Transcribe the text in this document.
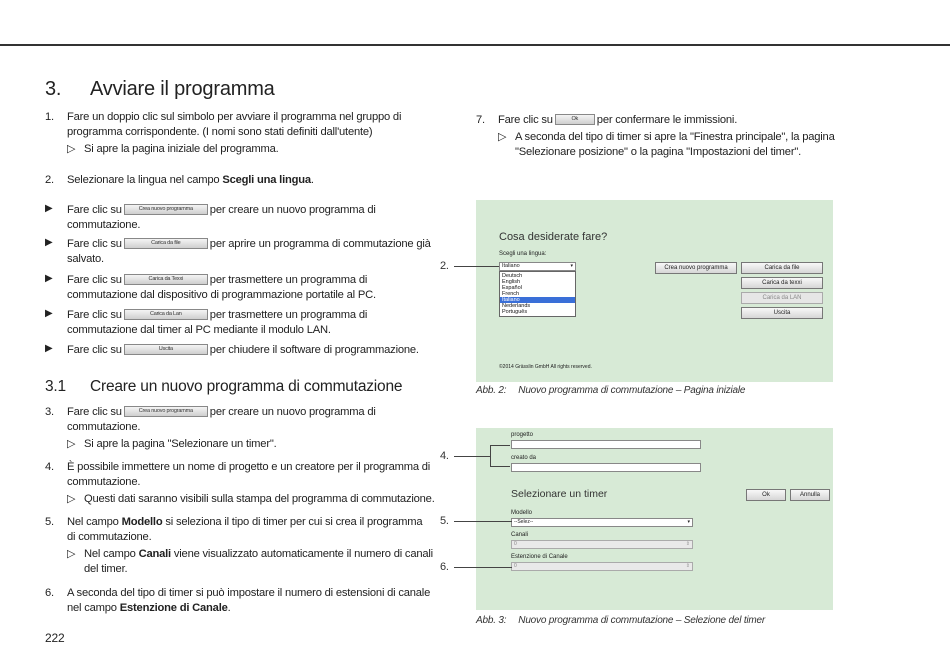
3. Avviare il programma
1. Fare un doppio clic sul simbolo per avviare il programma nel gruppo di
programma corrispondente. (I nomi sono stati definiti dall'utente)
▷ Si apre la pagina iniziale del programma.
2. Selezionare la lingua nel campo Scegli una lingua.
▶ Fare clic su	Crea nuovo programma per creare un nuovo programma di
commutazione.
▶ Fare clic su	Carica da file	per aprire un programma di commutazione già
salvato.
▶ Fare clic su	Carica da Texxi per trasmettere un programma di
commutazione dal dispositivo di programmazione portatile al PC.
▶ Fare clic su	Carica da Lan	per trasmettere un programma di
commutazione dal timer al PC mediante il modulo LAN.
▶ Fare clic su	Uscita	per chiudere il software di programmazione.
3.1 Creare un nuovo programma di commutazione
3. Fare clic su	Crea nuovo programma per creare un nuovo programma di
commutazione.
▷ Si apre la pagina "Selezionare un timer".
4. È possibile immettere un nome di progetto e un creatore per il programma di
commutazione.
▷ Questi dati saranno visibili sulla stampa del programma di commutazione.
5. Nel campo Modello si seleziona il tipo di timer per cui si crea il programma
di commutazione.
▷ Nel campo Canali viene visualizzato automaticamente il numero di canali
del timer.
6. A seconda del tipo di timer si può impostare il numero di estensioni di canale
nel campo Estenzione di Canale.
222
7. Fare clic su	Ok per confermare le immissioni.
▷ A seconda del tipo di timer si apre la "Finestra principale", la pagina
"Selezionare posizione" o la pagina "Impostazioni del timer".
Cosa desiderate fare?
Scegli una lingua:
Italiano	▾
Deutsch
English
Español
French
Italiano
Nederlands
Português
Crea nuovo programma	Carica da file
Carica da texxi
Carica da LAN
Uscita
©2014 Grässlin GmbH All rights reserved.
2.
Abb. 2: Nuovo programma di commutazione – Pagina iniziale
progetto
creato da
Selezionare un timer	Ok	Annulla
Modello
--Selez--	▾
Canali
0	⇕
Estenzione di Canale
0	⇕
4.
5.
6.
Abb. 3: Nuovo programma di commutazione – Selezione del timer
